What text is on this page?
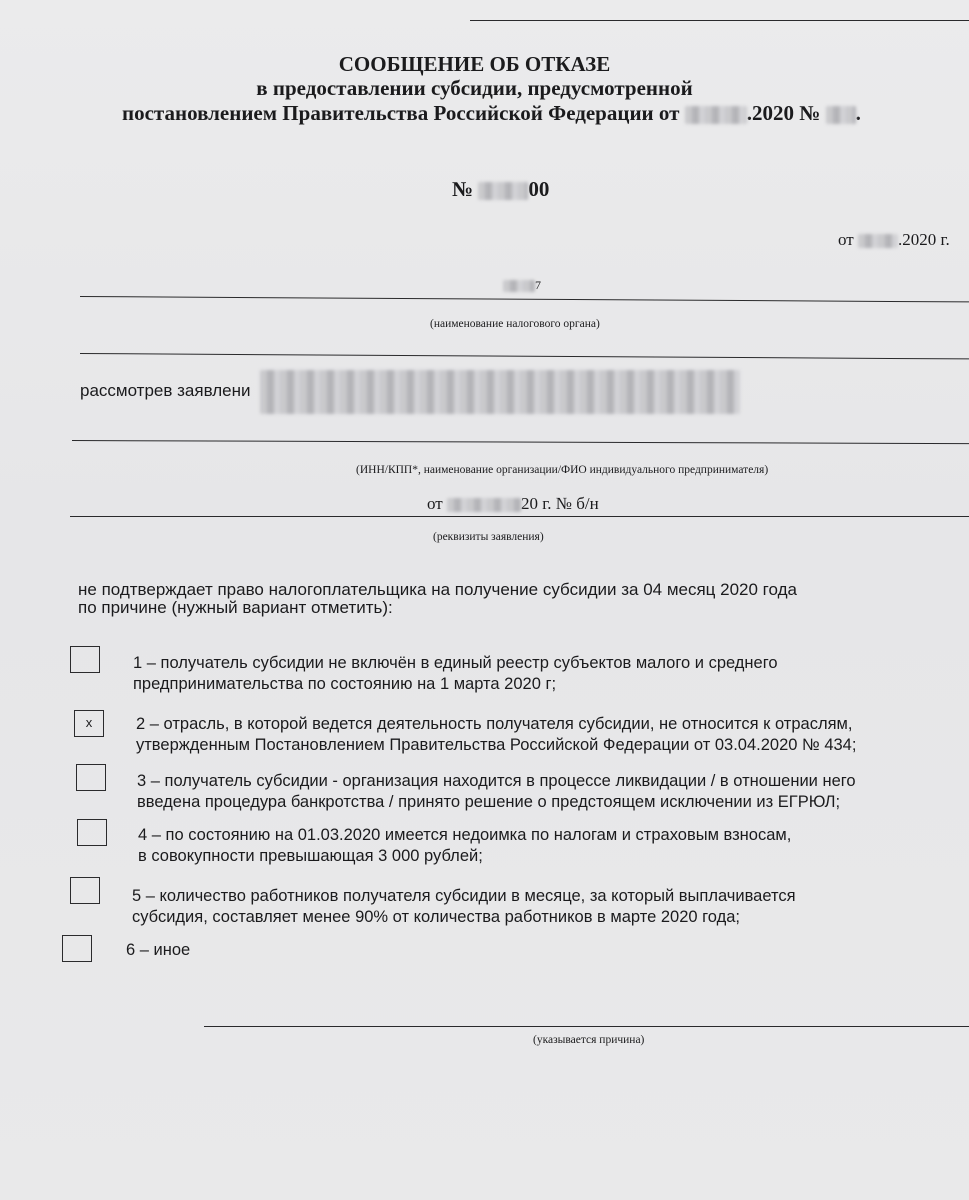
СООБЩЕНИЕ ОБ ОТКАЗЕ
в предоставлении субсидии, предусмотренной
постановлением Правительства Российской Федерации от	.2020 № .
№	00
от	.2020 г.
7
(наименование налогового органа)
рассмотрев заявлени
(ИНН/КПП*, наименование организации/ФИО индивидуального предпринимателя)
от	20 г. № б/н
(реквизиты заявления)
не подтверждает право налогоплательщика на получение субсидии за 04 месяц 2020 года
по причине (нужный вариант отметить):
1 – получатель субсидии не включён в единый реестр субъектов малого и среднего
предпринимательства по состоянию на 1 марта 2020 г;
x	2 – отрасль, в которой ведется деятельность получателя субсидии, не относится к отраслям,
утвержденным Постановлением Правительства Российской Федерации от 03.04.2020 № 434;
3 – получатель субсидии - организация находится в процессе ликвидации / в отношении него
введена процедура банкротства / принято решение о предстоящем исключении из ЕГРЮЛ;
4 – по состоянию на 01.03.2020 имеется недоимка по налогам и страховым взносам,
в совокупности превышающая 3 000 рублей;
5 – количество работников получателя субсидии в месяце, за который выплачивается
субсидия, составляет менее 90% от количества работников в марте 2020 года;
6 – иное
(указывается причина)
